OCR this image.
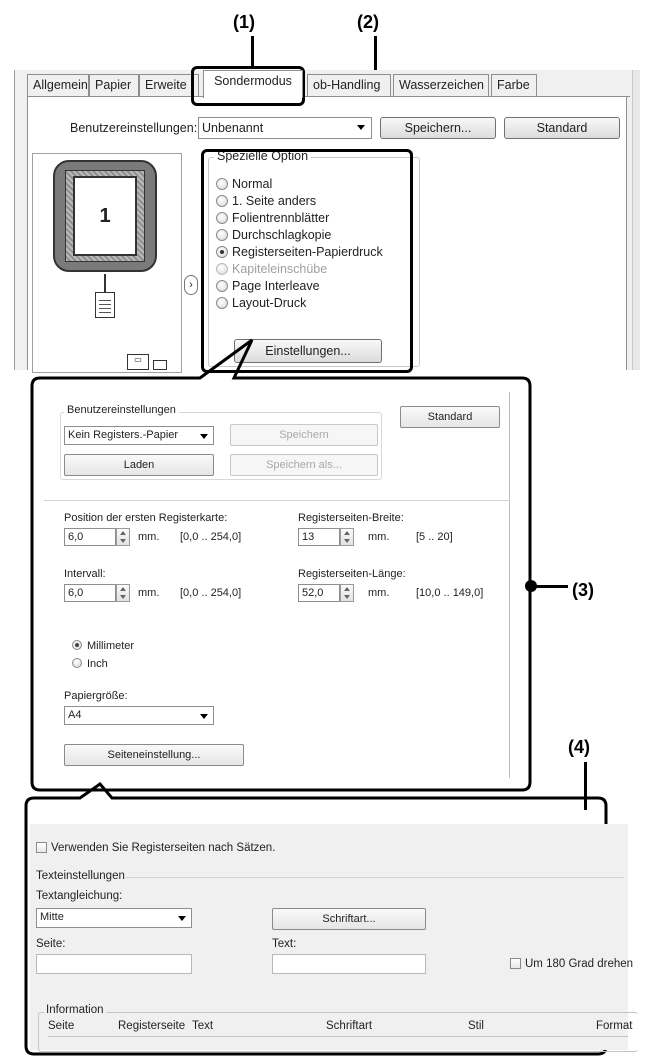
(1)	(2)
(3)
(4)
Allgemein Papier	Erweite	Sondermodus	ob-Handling	Wasserzeichen	Farbe
Benutzereinstellungen: Unbenannt	Speichern...	Standard
1
▭
›
Spezielle Option
Normal
1. Seite anders
Folientrennblätter
Durchschlagkopie
Registerseiten-Papierdruck
Kapiteleinschübe
Page Interleave
Layout-Druck
Einstellungen...
Benutzereinstellungen
Kein Registers.-Papier	Speichern
Laden	Speichern als...
Standard
Position der ersten Registerkarte:
6,0	mm. [0,0 .. 254,0]
Registerseiten-Breite:
13	mm. [5 .. 20]
Intervall:
6,0	mm. [0,0 .. 254,0]
Registerseiten-Länge:
52,0	mm. [10,0 .. 149,0]
Millimeter
Inch
Papiergröße:
A4
Seiteneinstellung...
Verwenden Sie Registerseiten nach Sätzen.
Texteinstellungen
Textangleichung:
Mitte	Schriftart...
Seite:	Text:
Um 180 Grad drehen
Information
Seite	Registerseite Text	Schriftart	Stil	Format
